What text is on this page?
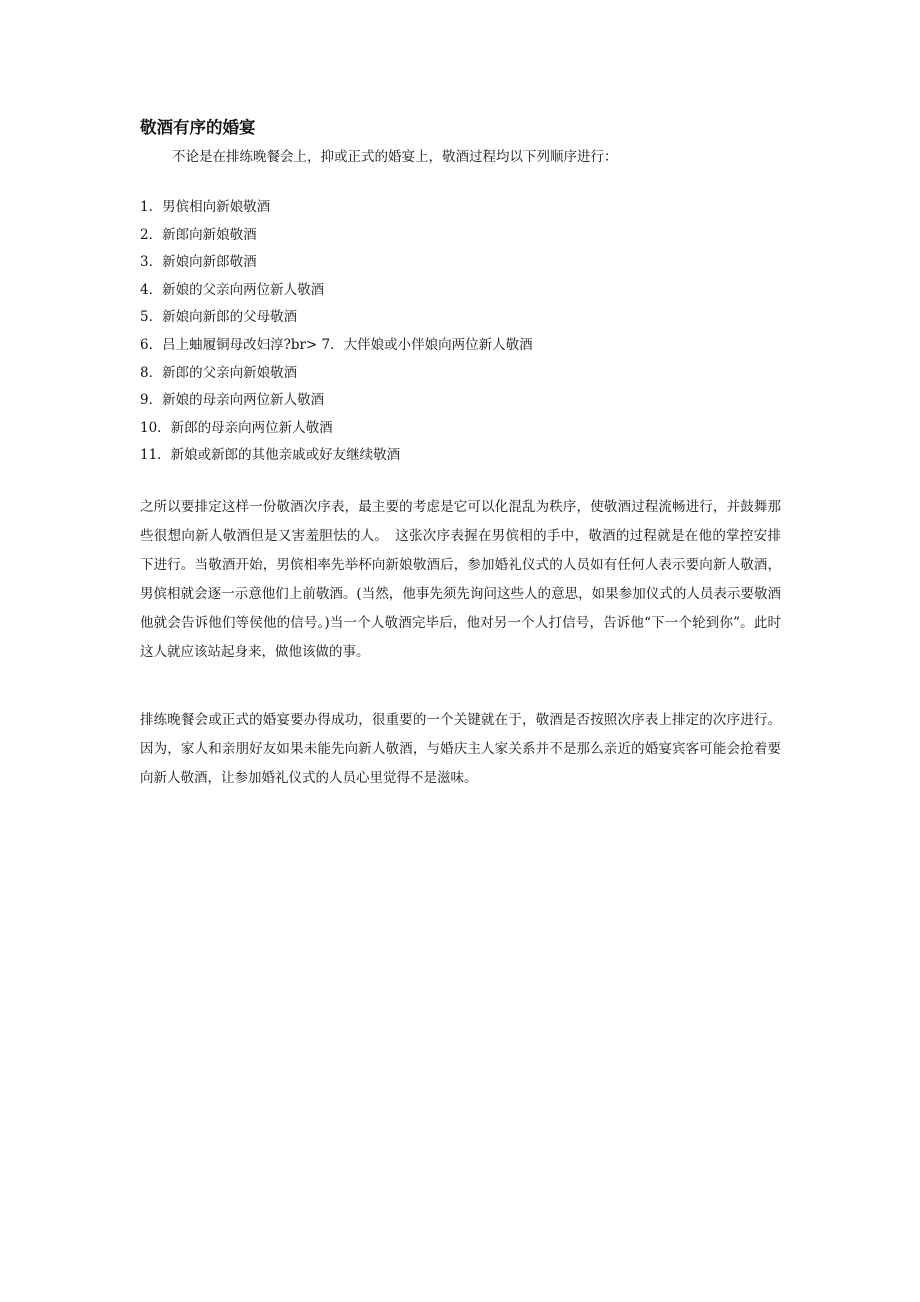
敬酒有序的婚宴

不论是在排练晚餐会上，抑或正式的婚宴上，敬酒过程均以下列顺序进行：

1．男傧相向新娘敬酒
2．新郎向新娘敬酒
3．新娘向新郎敬酒
4．新娘的父亲向两位新人敬酒
5．新娘向新郎的父母敬酒
6．吕上蚰履铜母改妇淳?br> 7．大伴娘或小伴娘向两位新人敬酒
8．新郎的父亲向新娘敬酒
9．新娘的母亲向两位新人敬酒
10．新郎的母亲向两位新人敬酒
11．新娘或新郎的其他亲戚或好友继续敬酒

之所以要排定这样一份敬酒次序表，最主要的考虑是它可以化混乱为秩序，使敬酒过程流畅进行，并鼓舞那些很想向新人敬酒但是又害羞胆怯的人。　这张次序表握在男傧相的手中，敬酒的过程就是在他的掌控安排下进行。当敬酒开始，男傧相率先举杯向新娘敬酒后，参加婚礼仪式的人员如有任何人表示要向新人敬酒，男傧相就会逐一示意他们上前敬酒。(当然，他事先须先询问这些人的意思，如果参加仪式的人员表示要敬酒他就会告诉他们等侯他的信号。)当一个人敬酒完毕后，他对另一个人打信号，告诉他“下一个轮到你”。此时这人就应该站起身来，做他该做的事。

排练晚餐会或正式的婚宴要办得成功，很重要的一个关键就在于，敬酒是否按照次序表上排定的次序进行。因为，家人和亲朋好友如果未能先向新人敬酒，与婚庆主人家关系并不是那么亲近的婚宴宾客可能会抢着要向新人敬酒，让参加婚礼仪式的人员心里觉得不是滋味。
